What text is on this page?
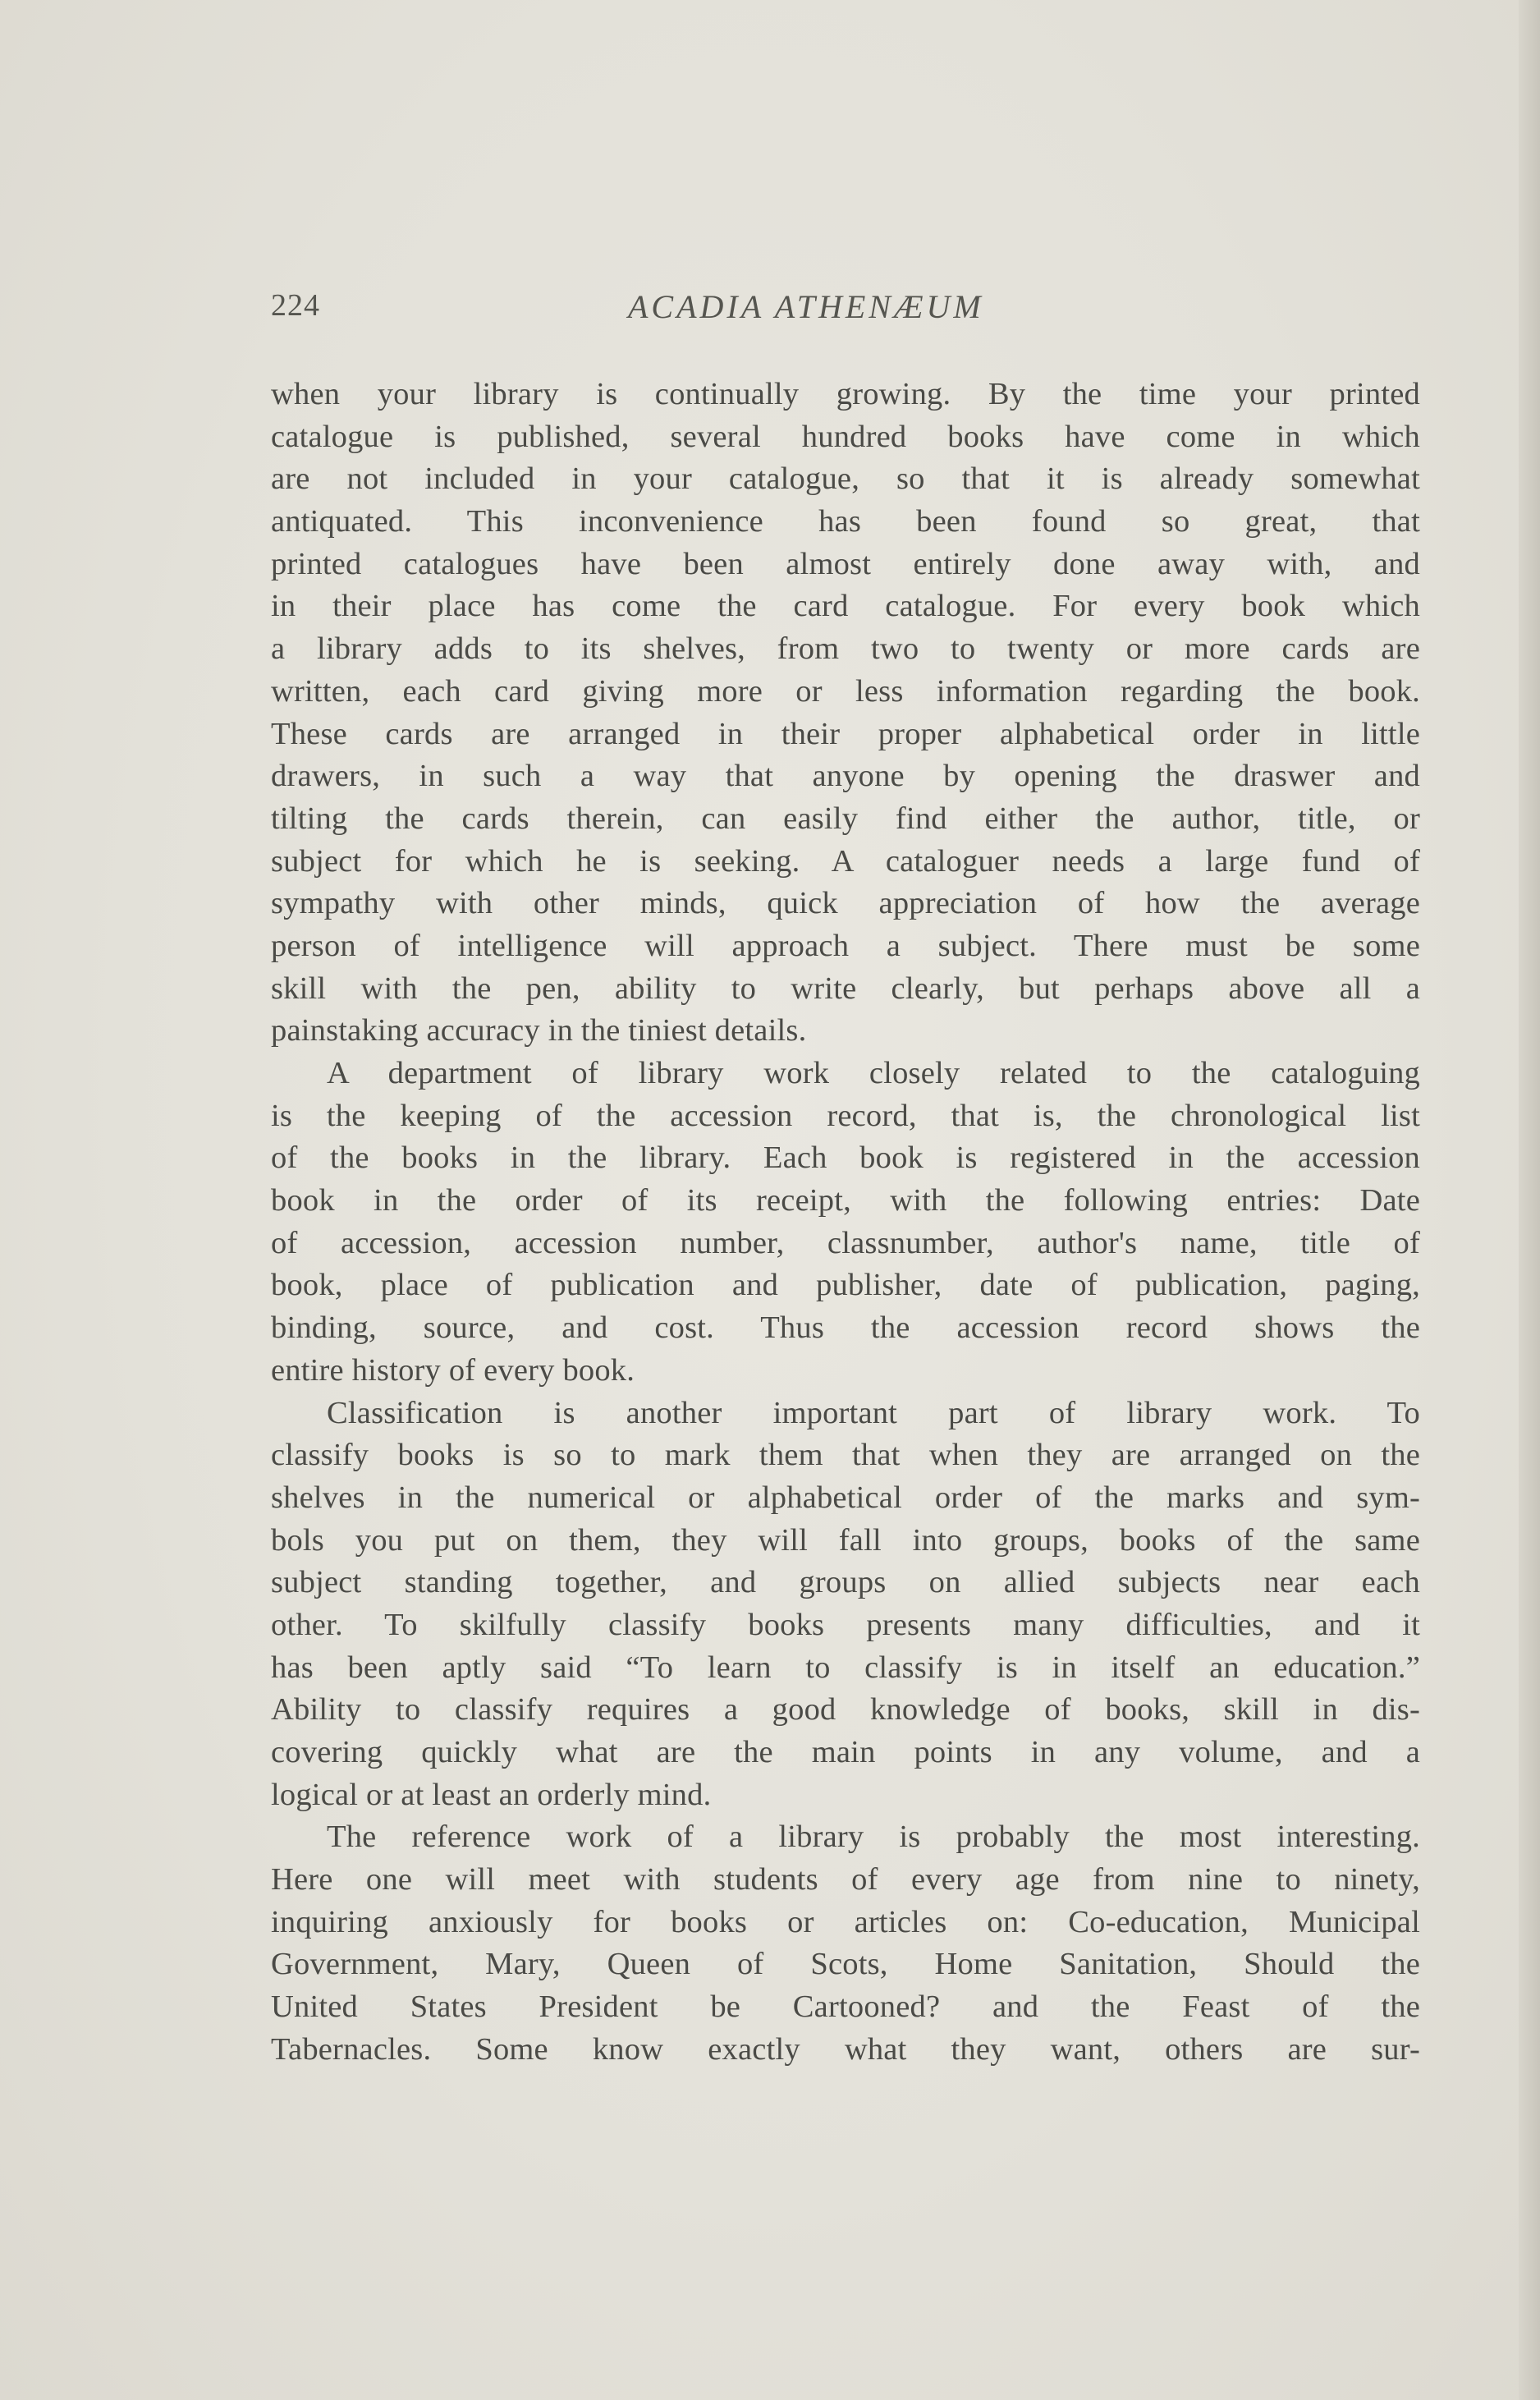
224	ACADIA ATHENÆUM
when your library is continually growing. By the time your printed
catalogue is published, several hundred books have come in which
are not included in your catalogue, so that it is already somewhat
antiquated. This inconvenience has been found so great, that
printed catalogues have been almost entirely done away with, and
in their place has come the card catalogue. For every book which
a library adds to its shelves, from two to twenty or more cards are
written, each card giving more or less information regarding the book.
These cards are arranged in their proper alphabetical order in little
drawers, in such a way that anyone by opening the draswer and
tilting the cards therein, can easily find either the author, title, or
subject for which he is seeking. A cataloguer needs a large fund of
sympathy with other minds, quick appreciation of how the average
person of intelligence will approach a subject. There must be some
skill with the pen, ability to write clearly, but perhaps above all a
painstaking accuracy in the tiniest details.
A department of library work closely related to the cataloguing
is the keeping of the accession record, that is, the chronological list
of the books in the library. Each book is registered in the accession
book in the order of its receipt, with the following entries: Date
of accession, accession number, classnumber, author's name, title of
book, place of publication and publisher, date of publication, paging,
binding, source, and cost. Thus the accession record shows the
entire history of every book.
Classification is another important part of library work. To
classify books is so to mark them that when they are arranged on the
shelves in the numerical or alphabetical order of the marks and sym-
bols you put on them, they will fall into groups, books of the same
subject standing together, and groups on allied subjects near each
other. To skilfully classify books presents many difficulties, and it
has been aptly said “To learn to classify is in itself an education.”
Ability to classify requires a good knowledge of books, skill in dis-
covering quickly what are the main points in any volume, and a
logical or at least an orderly mind.
The reference work of a library is probably the most interesting.
Here one will meet with students of every age from nine to ninety,
inquiring anxiously for books or articles on: Co-education, Municipal
Government, Mary, Queen of Scots, Home Sanitation, Should the
United States President be Cartooned? and the Feast of the
Tabernacles. Some know exactly what they want, others are sur-
